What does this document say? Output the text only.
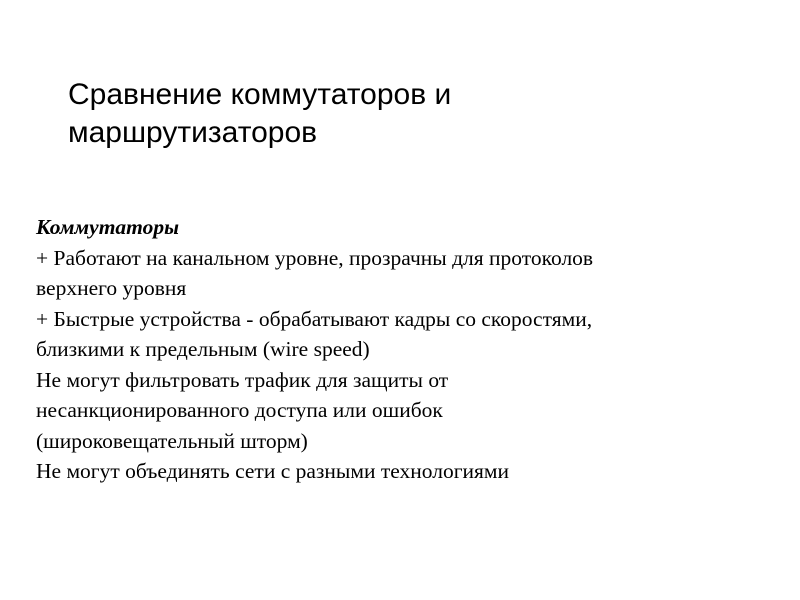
Сравнение коммутаторов и
маршрутизаторов
Коммутаторы
+ Работают на канальном уровне, прозрачны для протоколов
верхнего уровня
+ Быстрые устройства - обрабатывают кадры со скоростями,
близкими к предельным (wire speed)
Не могут фильтровать трафик для защиты от
несанкционированного доступа или ошибок
(широковещательный шторм)
Не могут объединять сети с разными технологиями
